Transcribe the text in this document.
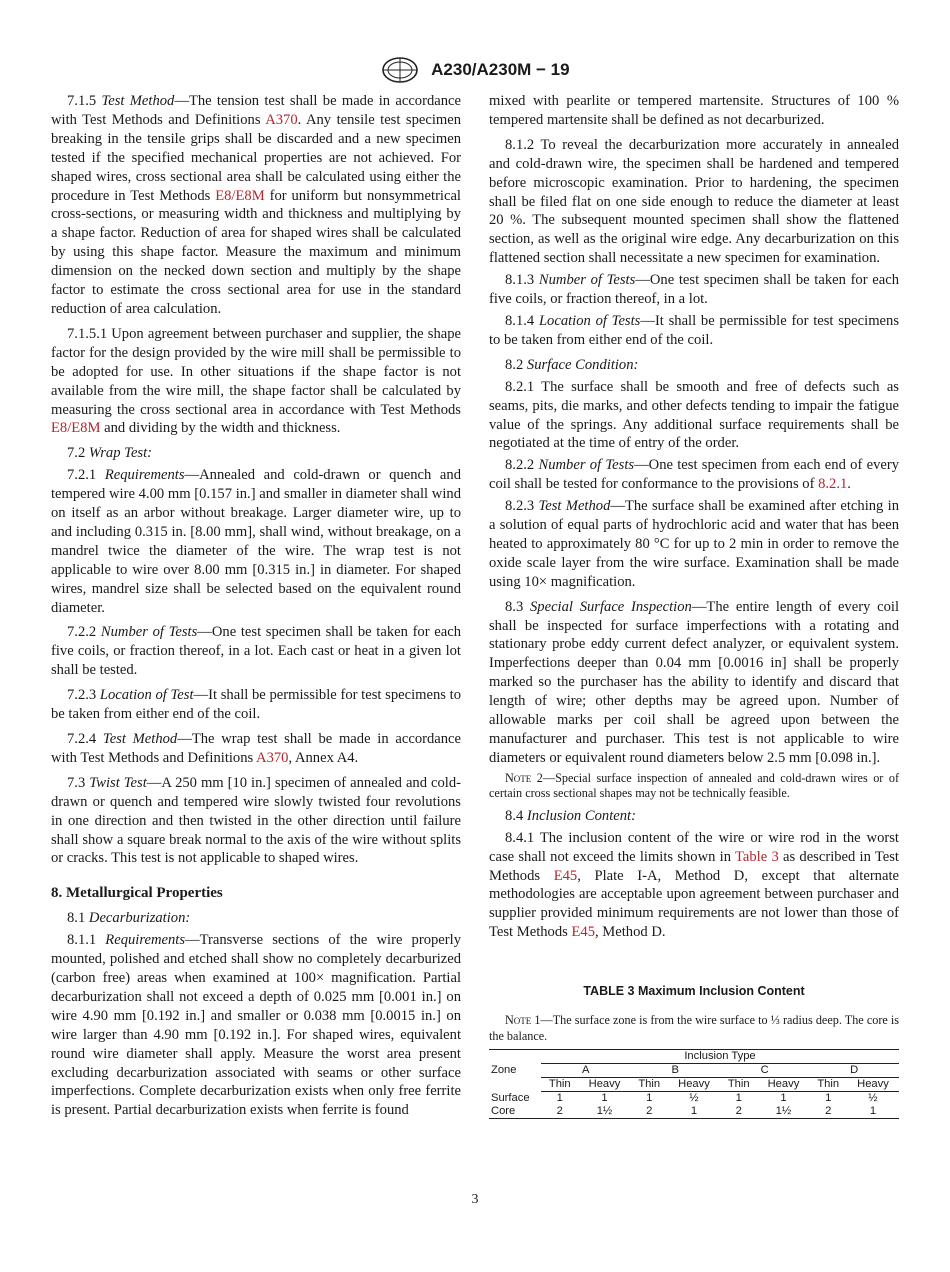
A230/A230M − 19

7.1.5 Test Method—The tension test shall be made in accordance with Test Methods and Definitions A370. Any tensile test specimen breaking in the tensile grips shall be discarded and a new specimen tested if the specified mechanical properties are not achieved. For shaped wires, cross sectional area shall be calculated using either the procedure in Test Methods E8/E8M for uniform but nonsymmetrical cross-sections, or measuring width and thickness and multiplying by a shape factor. Reduction of area for shaped wires shall be calculated by using this shape factor. Measure the maximum and minimum dimension on the necked down section and multiply by the shape factor to estimate the cross sectional area for use in the standard reduction of area calculation.

7.1.5.1 Upon agreement between purchaser and supplier, the shape factor for the design provided by the wire mill shall be permissible to be adopted for use. In other situations if the shape factor is not available from the wire mill, the shape factor shall be calculated by measuring the cross sectional area in accordance with Test Methods E8/E8M and dividing by the width and thickness.

7.2 Wrap Test:

7.2.1 Requirements—Annealed and cold-drawn or quench and tempered wire 4.00 mm [0.157 in.] and smaller in diameter shall wind on itself as an arbor without breakage. Larger diameter wire, up to and including 0.315 in. [8.00 mm], shall wind, without breakage, on a mandrel twice the diameter of the wire. The wrap test is not applicable to wire over 8.00 mm [0.315 in.] in diameter. For shaped wires, mandrel size shall be selected based on the equivalent round diameter.

7.2.2 Number of Tests—One test specimen shall be taken for each five coils, or fraction thereof, in a lot. Each cast or heat in a given lot shall be tested.

7.2.3 Location of Test—It shall be permissible for test specimens to be taken from either end of the coil.

7.2.4 Test Method—The wrap test shall be made in accordance with Test Methods and Definitions A370, Annex A4.

7.3 Twist Test—A 250 mm [10 in.] specimen of annealed and cold-drawn or quench and tempered wire slowly twisted four revolutions in one direction and then twisted in the other direction until failure shall show a square break normal to the axis of the wire without splits or cracks. This test is not applicable to shaped wires.

8. Metallurgical Properties

8.1 Decarburization:

8.1.1 Requirements—Transverse sections of the wire properly mounted, polished and etched shall show no completely decarburized (carbon free) areas when examined at 100× magnification. Partial decarburization shall not exceed a depth of 0.025 mm [0.001 in.] on wire 4.90 mm [0.192 in.] and smaller or 0.038 mm [0.0015 in.] on wire larger than 4.90 mm [0.192 in.]. For shaped wires, equivalent round wire diameter shall apply. Measure the worst area present excluding decarburization associated with seams or other surface imperfections. Complete decarburization exists when only free ferrite is present. Partial decarburization exists when ferrite is found

mixed with pearlite or tempered martensite. Structures of 100 % tempered martensite shall be defined as not decarburized.

8.1.2 To reveal the decarburization more accurately in annealed and cold-drawn wire, the specimen shall be hardened and tempered before microscopic examination. Prior to hardening, the specimen shall be filed flat on one side enough to reduce the diameter at least 20 %. The subsequent mounted specimen shall show the flattened section, as well as the original wire edge. Any decarburization on this flattened section shall necessitate a new specimen for examination.

8.1.3 Number of Tests—One test specimen shall be taken for each five coils, or fraction thereof, in a lot.

8.1.4 Location of Tests—It shall be permissible for test specimens to be taken from either end of the coil.

8.2 Surface Condition:

8.2.1 The surface shall be smooth and free of defects such as seams, pits, die marks, and other defects tending to impair the fatigue value of the springs. Any additional surface requirements shall be negotiated at the time of entry of the order.

8.2.2 Number of Tests—One test specimen from each end of every coil shall be tested for conformance to the provisions of 8.2.1.

8.2.3 Test Method—The surface shall be examined after etching in a solution of equal parts of hydrochloric acid and water that has been heated to approximately 80 °C for up to 2 min in order to remove the oxide scale layer from the wire surface. Examination shall be made using 10× magnification.

8.3 Special Surface Inspection—The entire length of every coil shall be inspected for surface imperfections with a rotating and stationary probe eddy current defect analyzer, or equivalent system. Imperfections deeper than 0.04 mm [0.0016 in] shall be properly marked so the purchaser has the ability to identify and discard that length of wire; other depths may be agreed upon. Number of allowable marks per coil shall be agreed upon between the manufacturer and purchaser. This test is not applicable to wire diameters or equivalent round diameters below 2.5 mm [0.098 in.].

Note 2—Special surface inspection of annealed and cold-drawn wires or of certain cross sectional shapes may not be technically feasible.

8.4 Inclusion Content:

8.4.1 The inclusion content of the wire or wire rod in the worst case shall not exceed the limits shown in Table 3 as described in Test Methods E45, Plate I-A, Method D, except that alternate methodologies are acceptable upon agreement between purchaser and supplier provided minimum requirements are not lower than those of Test Methods E45, Method D.

TABLE 3 Maximum Inclusion Content
Note 1—The surface zone is from the wire surface to ⅓ radius deep. The core is the balance.
Zone	Inclusion Type							
	A		B		C		D	
	Thin	Heavy	Thin	Heavy	Thin	Heavy	Thin	Heavy
Surface	1	1	1	½	1	1	1	½
Core	2	1½	2	1	2	1½	2	1
3
